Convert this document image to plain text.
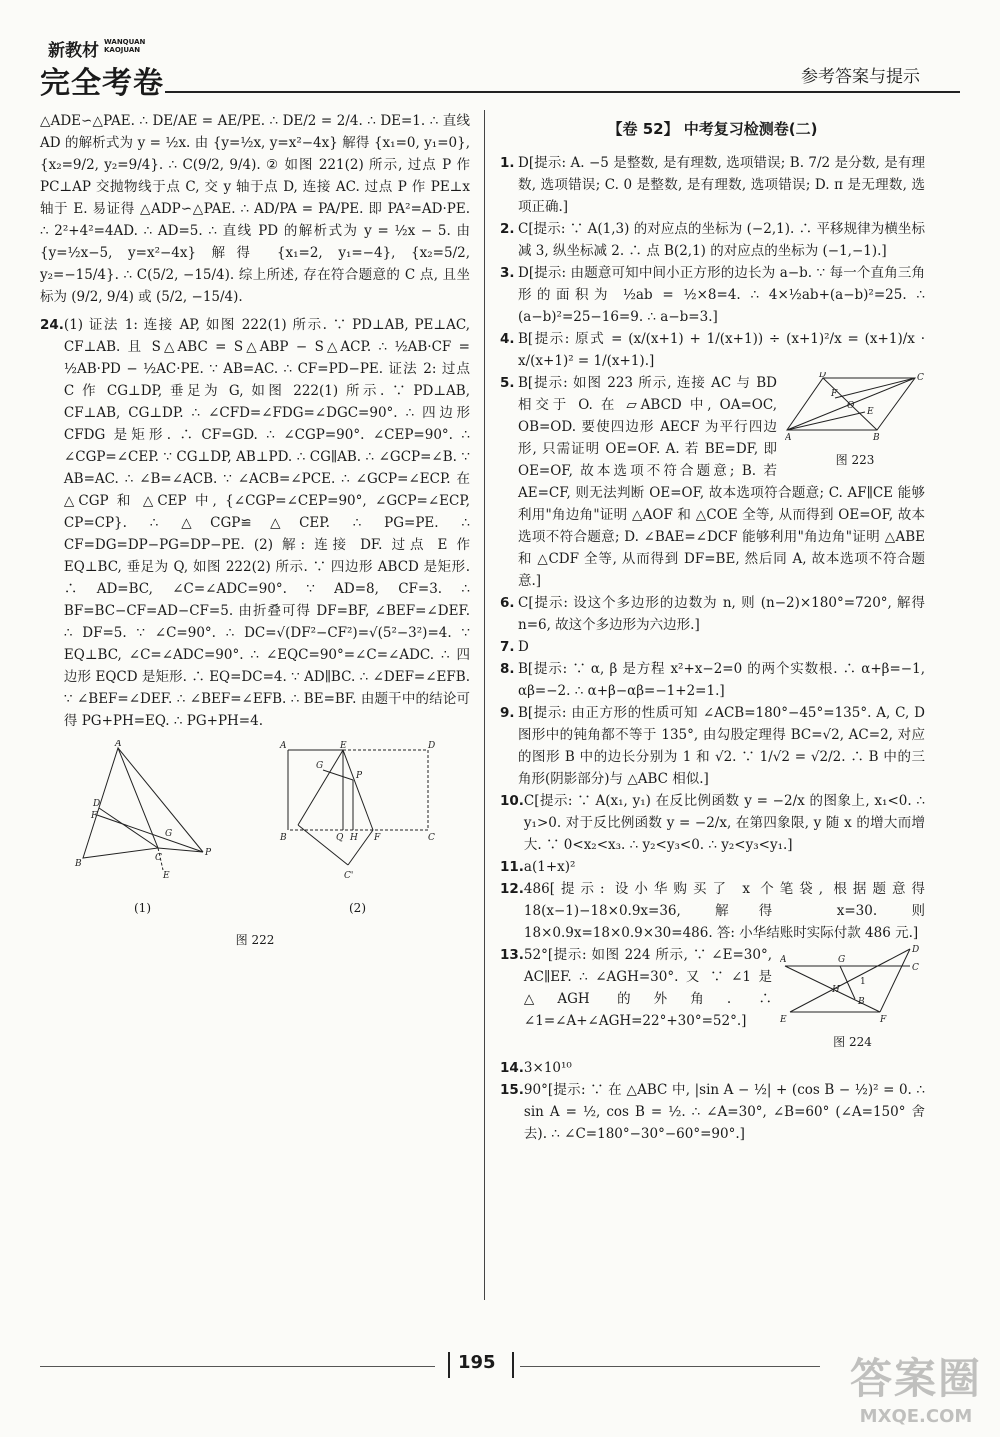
新教材 WANQUAN
KAOJUAN
完全考卷	参考答案与提示

△ADE∽△PAE. ∴ DE/AE = AE/PE. ∴ DE/2 = 2/4. ∴ DE=1. ∴ 直线 AD 的解析式为 y = ½x. 由 {y=½x, y=x²−4x} 解得 {x₁=0, y₁=0}, {x₂=9/2, y₂=9/4}. ∴ C(9/2, 9/4). ② 如图 221(2) 所示, 过点 P 作 PC⊥AP 交抛物线于点 C, 交 y 轴于点 D, 连接 AC. 过点 P 作 PE⊥x 轴于 E. 易证得 △ADP∽△PAE. ∴ AD/PA = PA/PE. 即 PA²=AD·PE. ∴ 2²+4²=4AD. ∴ AD=5. ∴ 直线 PD 的解析式为 y = ½x − 5. 由 {y=½x−5, y=x²−4x} 解得 {x₁=2, y₁=−4}, {x₂=5/2, y₂=−15/4}. ∴ C(5/2, −15/4). 综上所述, 存在符合题意的 C 点, 且坐标为 (9/2, 9/4) 或 (5/2, −15/4).

24. (1) 证法 1: 连接 AP, 如图 222(1) 所示. ∵ PD⊥AB, PE⊥AC, CF⊥AB. 且 S△ABC = S△ABP − S△ACP. ∴ ½AB·CF = ½AB·PD − ½AC·PE. ∵ AB=AC. ∴ CF=PD−PE. 证法 2: 过点 C 作 CG⊥DP, 垂足为 G, 如图 222(1) 所示. ∵ PD⊥AB, CF⊥AB, CG⊥DP. ∴ ∠CFD=∠FDG=∠DGC=90°. ∴ 四边形 CFDG 是矩形. ∴ CF=GD. ∴ ∠CGP=90°. ∠CEP=90°. ∴ ∠CGP=∠CEP. ∵ CG⊥DP, AB⊥PD. ∴ CG∥AB. ∴ ∠GCP=∠B. ∵ AB=AC. ∴ ∠B=∠ACB. ∵ ∠ACB=∠PCE. ∴ ∠GCP=∠ECP. 在 △CGP 和 △CEP 中, {∠CGP=∠CEP=90°, ∠GCP=∠ECP, CP=CP}. ∴ △CGP≌△CEP. ∴ PG=PE. ∴ CF=DG=DP−PG=DP−PE. (2) 解: 连接 DF. 过点 E 作 EQ⊥BC, 垂足为 Q, 如图 222(2) 所示. ∵ 四边形 ABCD 是矩形. ∴ AD=BC, ∠C=∠ADC=90°. ∵ AD=8, CF=3. ∴ BF=BC−CF=AD−CF=5. 由折叠可得 DF=BF, ∠BEF=∠DEF. ∴ DF=5. ∵ ∠C=90°. ∴ DC=√(DF²−CF²)=√(5²−3²)=4. ∵ EQ⊥BC, ∠C=∠ADC=90°. ∴ ∠EQC=90°=∠C=∠ADC. ∴ 四边形 EQCD 是矩形. ∴ EQ=DC=4. ∵ AD∥BC. ∴ ∠DEF=∠EFB. ∵ ∠BEF=∠DEF. ∴ ∠BEF=∠EFB. ∴ BE=BF. 由题干中的结论可得 PG+PH=EQ. ∴ PG+PH=4.
A
B
C
F
D
P
G
E
(1)
A	E	D
B	Q H F	C
C'
G
P
(2)
图 222
【卷 52】 中考复习检测卷(二)
1. D[提示: A. −5 是整数, 是有理数, 选项错误; B. 7/2 是分数, 是有理数, 选项错误; C. 0 是整数, 是有理数, 选项错误; D. π 是无理数, 选项正确.]
2. C[提示: ∵ A(1,3) 的对应点的坐标为 (−2,1). ∴ 平移规律为横坐标减 3, 纵坐标减 2. ∴ 点 B(2,1) 的对应点的坐标为 (−1,−1).]
3. D[提示: 由题意可知中间小正方形的边长为 a−b. ∵ 每一个直角三角形的面积为 ½ab = ½×8=4. ∴ 4×½ab+(a−b)²=25. ∴ (a−b)²=25−16=9. ∴ a−b=3.]
4. B[提示: 原式 = (x/(x+1) + 1/(x+1)) ÷ (x+1)²/x = (x+1)/x · x/(x+1)² = 1/(x+1).]
5.	D	C
A	B
O
F
E
图 223
B[提示: 如图 223 所示, 连接 AC 与 BD 相交于 O. 在 ▱ABCD 中, OA=OC, OB=OD. 要使四边形 AECF 为平行四边形, 只需证明 OE=OF. A. 若 BE=DF, 即 OE=OF, 故本选项不符合题意; B. 若 AE=CF, 则无法判断 OE=OF, 故本选项符合题意; C. AF∥CE 能够利用"角边角"证明 △AOF 和 △COE 全等, 从而得到 OE=OF, 故本选项不符合题意; D. ∠BAE=∠DCF 能够利用"角边角"证明 △ABE 和 △CDF 全等, 从而得到 DF=BE, 然后同 A, 故本选项不符合题意.]
6. C[提示: 设这个多边形的边数为 n, 则 (n−2)×180°=720°, 解得 n=6, 故这个多边形为六边形.]
7. D
8. B[提示: ∵ α, β 是方程 x²+x−2=0 的两个实数根. ∴ α+β=−1, αβ=−2. ∴ α+β−αβ=−1+2=1.]
9. B[提示: 由正方形的性质可知 ∠ACB=180°−45°=135°. A, C, D 图形中的钝角都不等于 135°, 由勾股定理得 BC=√2, AC=2, 对应的图形 B 中的边长分别为 1 和 √2. ∵ 1/√2 = √2/2. ∴ B 中的三角形(阴影部分)与 △ABC 相似.]
10. C[提示: ∵ A(x₁, y₁) 在反比例函数 y = −2/x 的图象上, x₁<0. ∴ y₁>0. 对于反比例函数 y = −2/x, 在第四象限, y 随 x 的增大而增大. ∵ 0<x₂<x₃. ∴ y₂<y₃<0. ∴ y₂<y₃<y₁.]
11. a(1+x)²
12. 486[提示: 设小华购买了 x 个笔袋, 根据题意得 18(x−1)−18×0.9x=36, 解得 x=30. 则 18×0.9x=18×0.9×30=486. 答: 小华结账时实际付款 486 元.]
13.	A	G
D
C
H
B
E	F
1
图 224
52°[提示: 如图 224 所示, ∵ ∠E=30°, AC∥EF. ∴ ∠AGH=30°. 又 ∵ ∠1 是 △AGH 的外角. ∴ ∠1=∠A+∠AGH=22°+30°=52°.]
14. 3×10¹⁰
15. 90°[提示: ∵ 在 △ABC 中, |sin A − ½| + (cos B − ½)² = 0. ∴ sin A = ½, cos B = ½. ∴ ∠A=30°, ∠B=60° (∠A=150° 舍去). ∴ ∠C=180°−30°−60°=90°.]
195	答案圈
MXQE.COM
